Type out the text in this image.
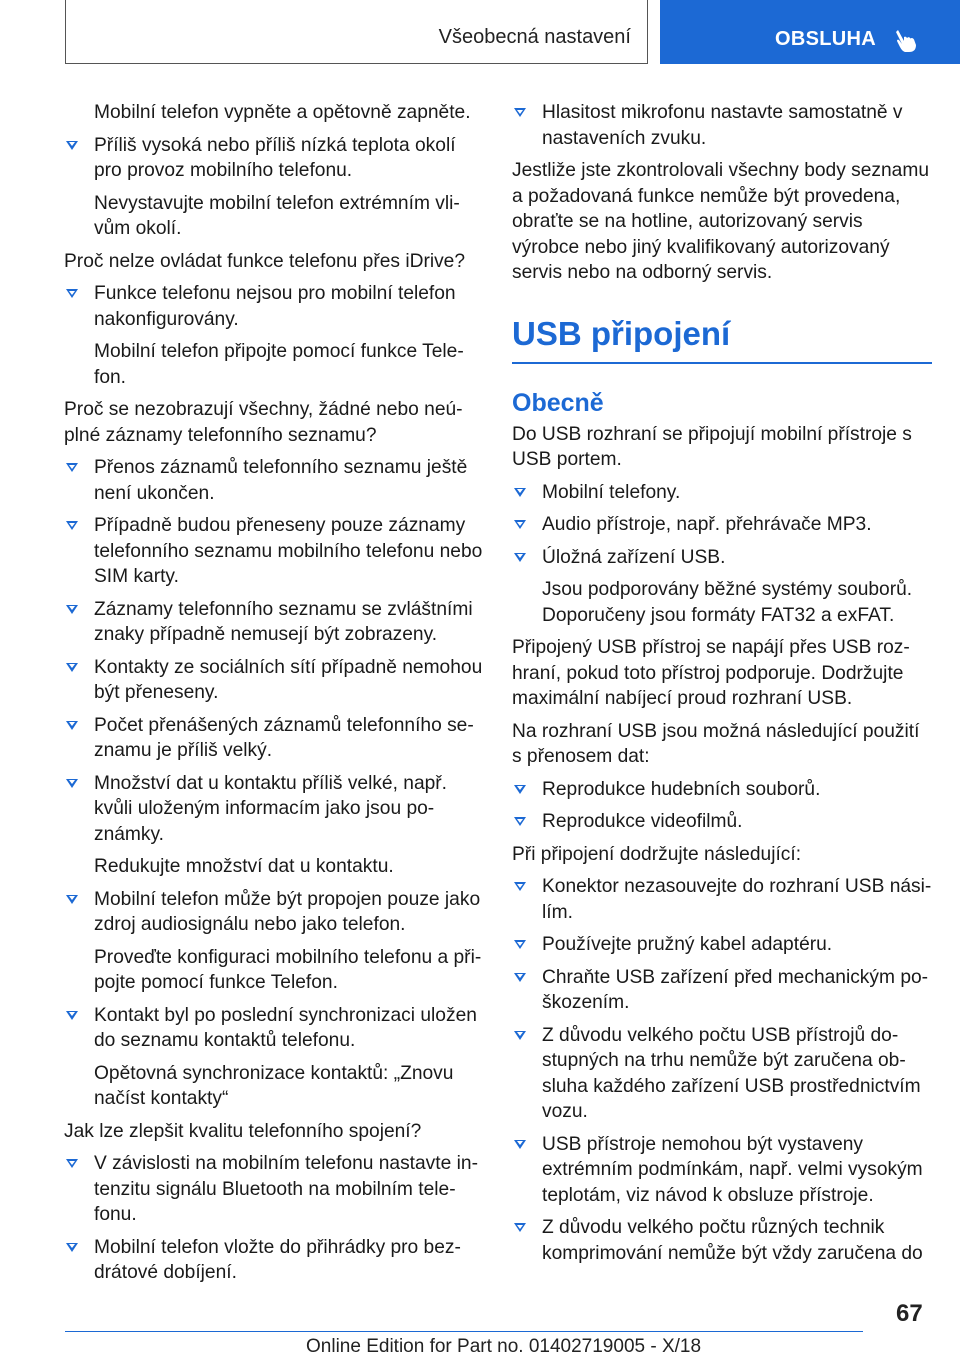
Všeobecná nastavení	OBSLUHA

Mobilní telefon vypněte a opětovně zapněte.

Příliš vysoká nebo příliš nízká teplota okolí pro provoz mobilního telefonu.

Nevystavujte mobilní telefon extrémním vlivům okolí.

Proč nelze ovládat funkce telefonu přes iDrive?

Funkce telefonu nejsou pro mobilní telefon nakonfigurovány.

Mobilní telefon připojte pomocí funkce Telefon.

Proč se nezobrazují všechny, žádné nebo neúplné záznamy telefonního seznamu?

Přenos záznamů telefonního seznamu ještě není ukončen.
Případně budou přeneseny pouze záznamy telefonního seznamu mobilního telefonu nebo SIM karty.
Záznamy telefonního seznamu se zvláštními znaky případně nemusejí být zobrazeny.
Kontakty ze sociálních sítí případně nemohou být přeneseny.
Počet přenášených záznamů telefonního seznamu je příliš velký.
Množství dat u kontaktu příliš velké, např. kvůli uloženým informacím jako jsou poznámky.

Redukujte množství dat u kontaktu.

Mobilní telefon může být propojen pouze jako zdroj audiosignálu nebo jako telefon.

Proveďte konfiguraci mobilního telefonu a připojte pomocí funkce Telefon.

Kontakt byl po poslední synchronizaci uložen do seznamu kontaktů telefonu.

Opětovná synchronizace kontaktů: „Znovu načíst kontakty“

Jak lze zlepšit kvalitu telefonního spojení?

V závislosti na mobilním telefonu nastavte intenzitu signálu Bluetooth na mobilním telefonu.
Mobilní telefon vložte do přihrádky pro bezdrátové dobíjení.
Hlasitost mikrofonu nastavte samostatně v nastaveních zvuku.

Jestliže jste zkontrolovali všechny body seznamu a požadovaná funkce nemůže být provedena, obraťte se na hotline, autorizovaný servis výrobce nebo jiný kvalifikovaný autorizovaný servis nebo na odborný servis.

USB připojení
Obecně

Do USB rozhraní se připojují mobilní přístroje s USB portem.

Mobilní telefony.
Audio přístroje, např. přehrávače MP3.
Úložná zařízení USB.

Jsou podporovány běžné systémy souborů. Doporučeny jsou formáty FAT32 a exFAT.

Připojený USB přístroj se napájí přes USB rozhraní, pokud toto přístroj podporuje. Dodržujte maximální nabíjecí proud rozhraní USB.

Na rozhraní USB jsou možná následující použití s přenosem dat:

Reprodukce hudebních souborů.
Reprodukce videofilmů.

Při připojení dodržujte následující:

Konektor nezasouvejte do rozhraní USB násilím.
Používejte pružný kabel adaptéru.
Chraňte USB zařízení před mechanickým poškozením.
Z důvodu velkého počtu USB přístrojů dostupných na trhu nemůže být zaručena obsluha každého zařízení USB prostřednictvím vozu.
USB přístroje nemohou být vystaveny extrémním podmínkám, např. velmi vysokým teplotám, viz návod k obsluze přístroje.
Z důvodu velkého počtu různých technik komprimování nemůže být vždy zaručena do
67
Online Edition for Part no. 01402719005 - X/18
